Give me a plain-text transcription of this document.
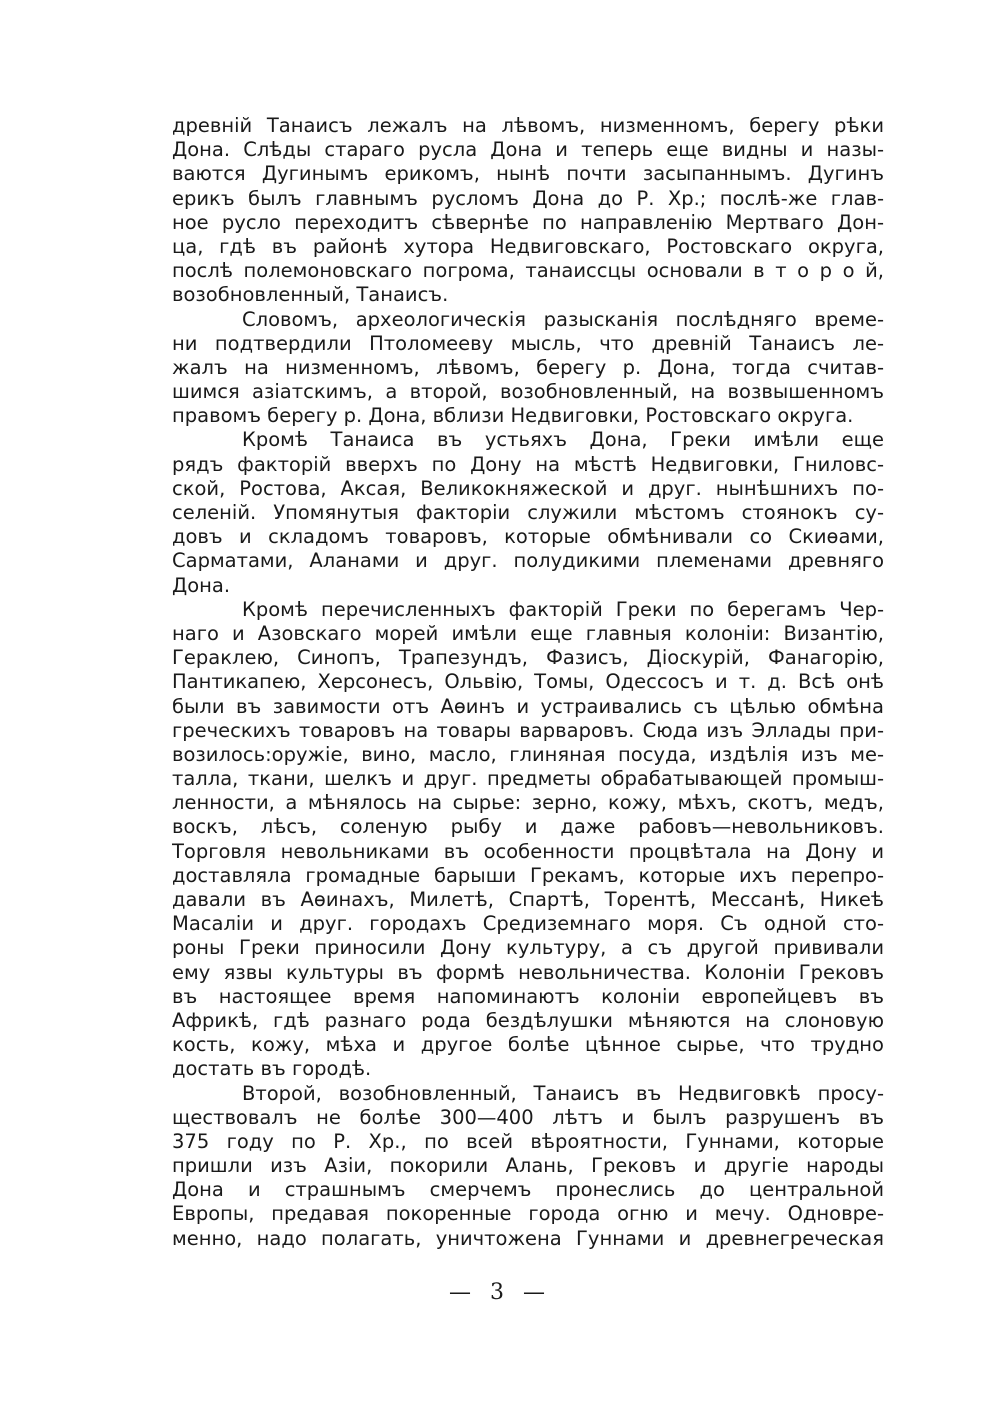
древній Танаисъ лежалъ на лѣвомъ, низменномъ, берегу рѣки
Дона. Слѣды стараго русла Дона и теперь еще видны и назы-
ваются Дугинымъ ерикомъ, нынѣ почти засыпаннымъ. Дугинъ
ерикъ былъ главнымъ русломъ Дона до Р. Хр.; послѣ-же глав-
ное русло переходитъ сѣвернѣе по направленію Мертваго Дон-
ца, гдѣ въ районѣ хутора Недвиговскаго, Ростовскаго округа,
послѣ полемоновскаго погрома, танаиссцы основали в т о р о й,
возобновленный, Танаисъ.
Словомъ, археологическія разысканія послѣдняго време-
ни подтвердили Птоломееву мысль, что древній Танаисъ ле-
жалъ на низменномъ, лѣвомъ, берегу р. Дона, тогда считав-
шимся азіатскимъ, а второй, возобновленный, на возвышенномъ
правомъ берегу р. Дона, вблизи Недвиговки, Ростовскаго округа.
Кромѣ Танаиса въ устьяхъ Дона, Греки имѣли еще
рядъ факторій вверхъ по Дону на мѣстѣ Недвиговки, Гниловс-
ской, Ростова, Аксая, Великокняжеской и друг. нынѣшнихъ по-
селеній. Упомянутыя факторіи служили мѣстомъ стоянокъ су-
довъ и складомъ товаровъ, которые обмѣнивали со Скиѳами,
Сарматами, Аланами и друг. полудикими племенами древняго
Дона.
Кромѣ перечисленныхъ факторій Греки по берегамъ Чер-
наго и Азовскаго морей имѣли еще главныя колоніи: Византію,
Гераклею, Синопъ, Трапезундъ, Фазисъ, Діоскурій, Фанагорію,
Пантикапею, Херсонесъ, Ольвію, Томы, Одессосъ и т. д. Всѣ онѣ
были въ завимости отъ Аѳинъ и устраивались съ цѣлью обмѣна
греческихъ товаровъ на товары варваровъ. Сюда изъ Эллады при-
возилось:оружіе, вино, масло, глиняная посуда, издѣлія изъ ме-
талла, ткани, шелкъ и друг. предметы обрабатывающей промыш-
ленности, а мѣнялось на сырье: зерно, кожу, мѣхъ, скотъ, медъ,
воскъ, лѣсъ, соленую рыбу и даже рабовъ—невольниковъ.
Торговля невольниками въ особенности процвѣтала на Дону и
доставляла громадные барыши Грекамъ, которые ихъ перепро-
давали въ Аѳинахъ, Милетѣ, Спартѣ, Торентѣ, Мессанѣ, Никеѣ
Масаліи и друг. городахъ Средиземнаго моря. Съ одной сто-
роны Греки приносили Дону культуру, а съ другой прививали
ему язвы культуры въ формѣ невольничества. Колоніи Грековъ
въ настоящее время напоминаютъ колоніи европейцевъ въ
Африкѣ, гдѣ разнаго рода бездѣлушки мѣняются на слоновую
кость, кожу, мѣха и другое болѣе цѣнное сырье, что трудно
достать въ городѣ.
Второй, возобновленный, Танаисъ въ Недвиговкѣ просу-
ществовалъ не болѣе 300—400 лѣтъ и былъ разрушенъ въ
375 году по Р. Хр., по всей вѣроятности, Гуннами, которые
пришли изъ Азіи, покорили Алань, Грековъ и другіе народы
Дона и страшнымъ смерчемъ пронеслись до центральной
Европы, предавая покоренные города огню и мечу. Одновре-
менно, надо полагать, уничтожена Гуннами и древнегреческая
— 3 —
